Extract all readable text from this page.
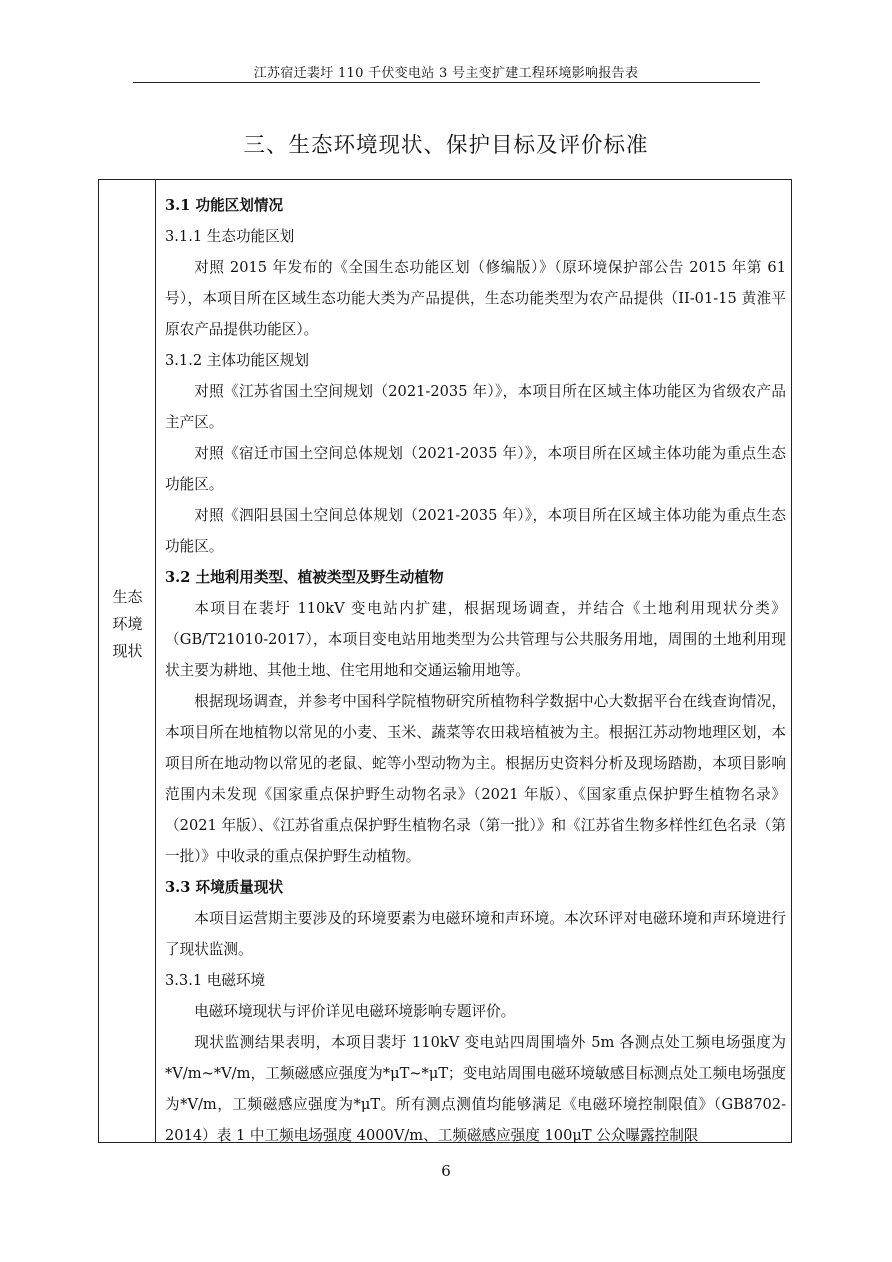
江苏宿迁裴圩 110 千伏变电站 3 号主变扩建工程环境影响报告表
三、生态环境现状、保护目标及评价标准
生态
环境
现状

3.1 功能区划情况

3.1.1 生态功能区划

对照 2015 年发布的《全国生态功能区划（修编版）》（原环境保护部公告 2015 年第 61 号），本项目所在区域生态功能大类为产品提供，生态功能类型为农产品提供（II-01-15 黄淮平原农产品提供功能区）。

3.1.2 主体功能区规划

对照《江苏省国土空间规划（2021-2035 年）》，本项目所在区域主体功能区为省级农产品主产区。

对照《宿迁市国土空间总体规划（2021-2035 年）》，本项目所在区域主体功能为重点生态功能区。

对照《泗阳县国土空间总体规划（2021-2035 年）》，本项目所在区域主体功能为重点生态功能区。

3.2 土地利用类型、植被类型及野生动植物

本项目在裴圩 110kV 变电站内扩建，根据现场调查，并结合《土地利用现状分类》（GB/T21010-2017），本项目变电站用地类型为公共管理与公共服务用地，周围的土地利用现状主要为耕地、其他土地、住宅用地和交通运输用地等。

根据现场调查，并参考中国科学院植物研究所植物科学数据中心大数据平台在线查询情况，本项目所在地植物以常见的小麦、玉米、蔬菜等农田栽培植被为主。根据江苏动物地理区划，本项目所在地动物以常见的老鼠、蛇等小型动物为主。根据历史资料分析及现场踏勘，本项目影响范围内未发现《国家重点保护野生动物名录》（2021 年版）、《国家重点保护野生植物名录》（2021 年版）、《江苏省重点保护野生植物名录（第一批）》和《江苏省生物多样性红色名录（第一批）》中收录的重点保护野生动植物。

3.3 环境质量现状

本项目运营期主要涉及的环境要素为电磁环境和声环境。本次环评对电磁环境和声环境进行了现状监测。

3.3.1 电磁环境

电磁环境现状与评价详见电磁环境影响专题评价。

现状监测结果表明，本项目裴圩 110kV 变电站四周围墙外 5m 各测点处工频电场强度为*V/m~*V/m，工频磁感应强度为*μT~*μT；变电站周围电磁环境敏感目标测点处工频电场强度为*V/m，工频磁感应强度为*μT。所有测点测值均能够满足《电磁环境控制限值》（GB8702-2014）表 1 中工频电场强度 4000V/m、工频磁感应强度 100μT 公众曝露控制限

6
